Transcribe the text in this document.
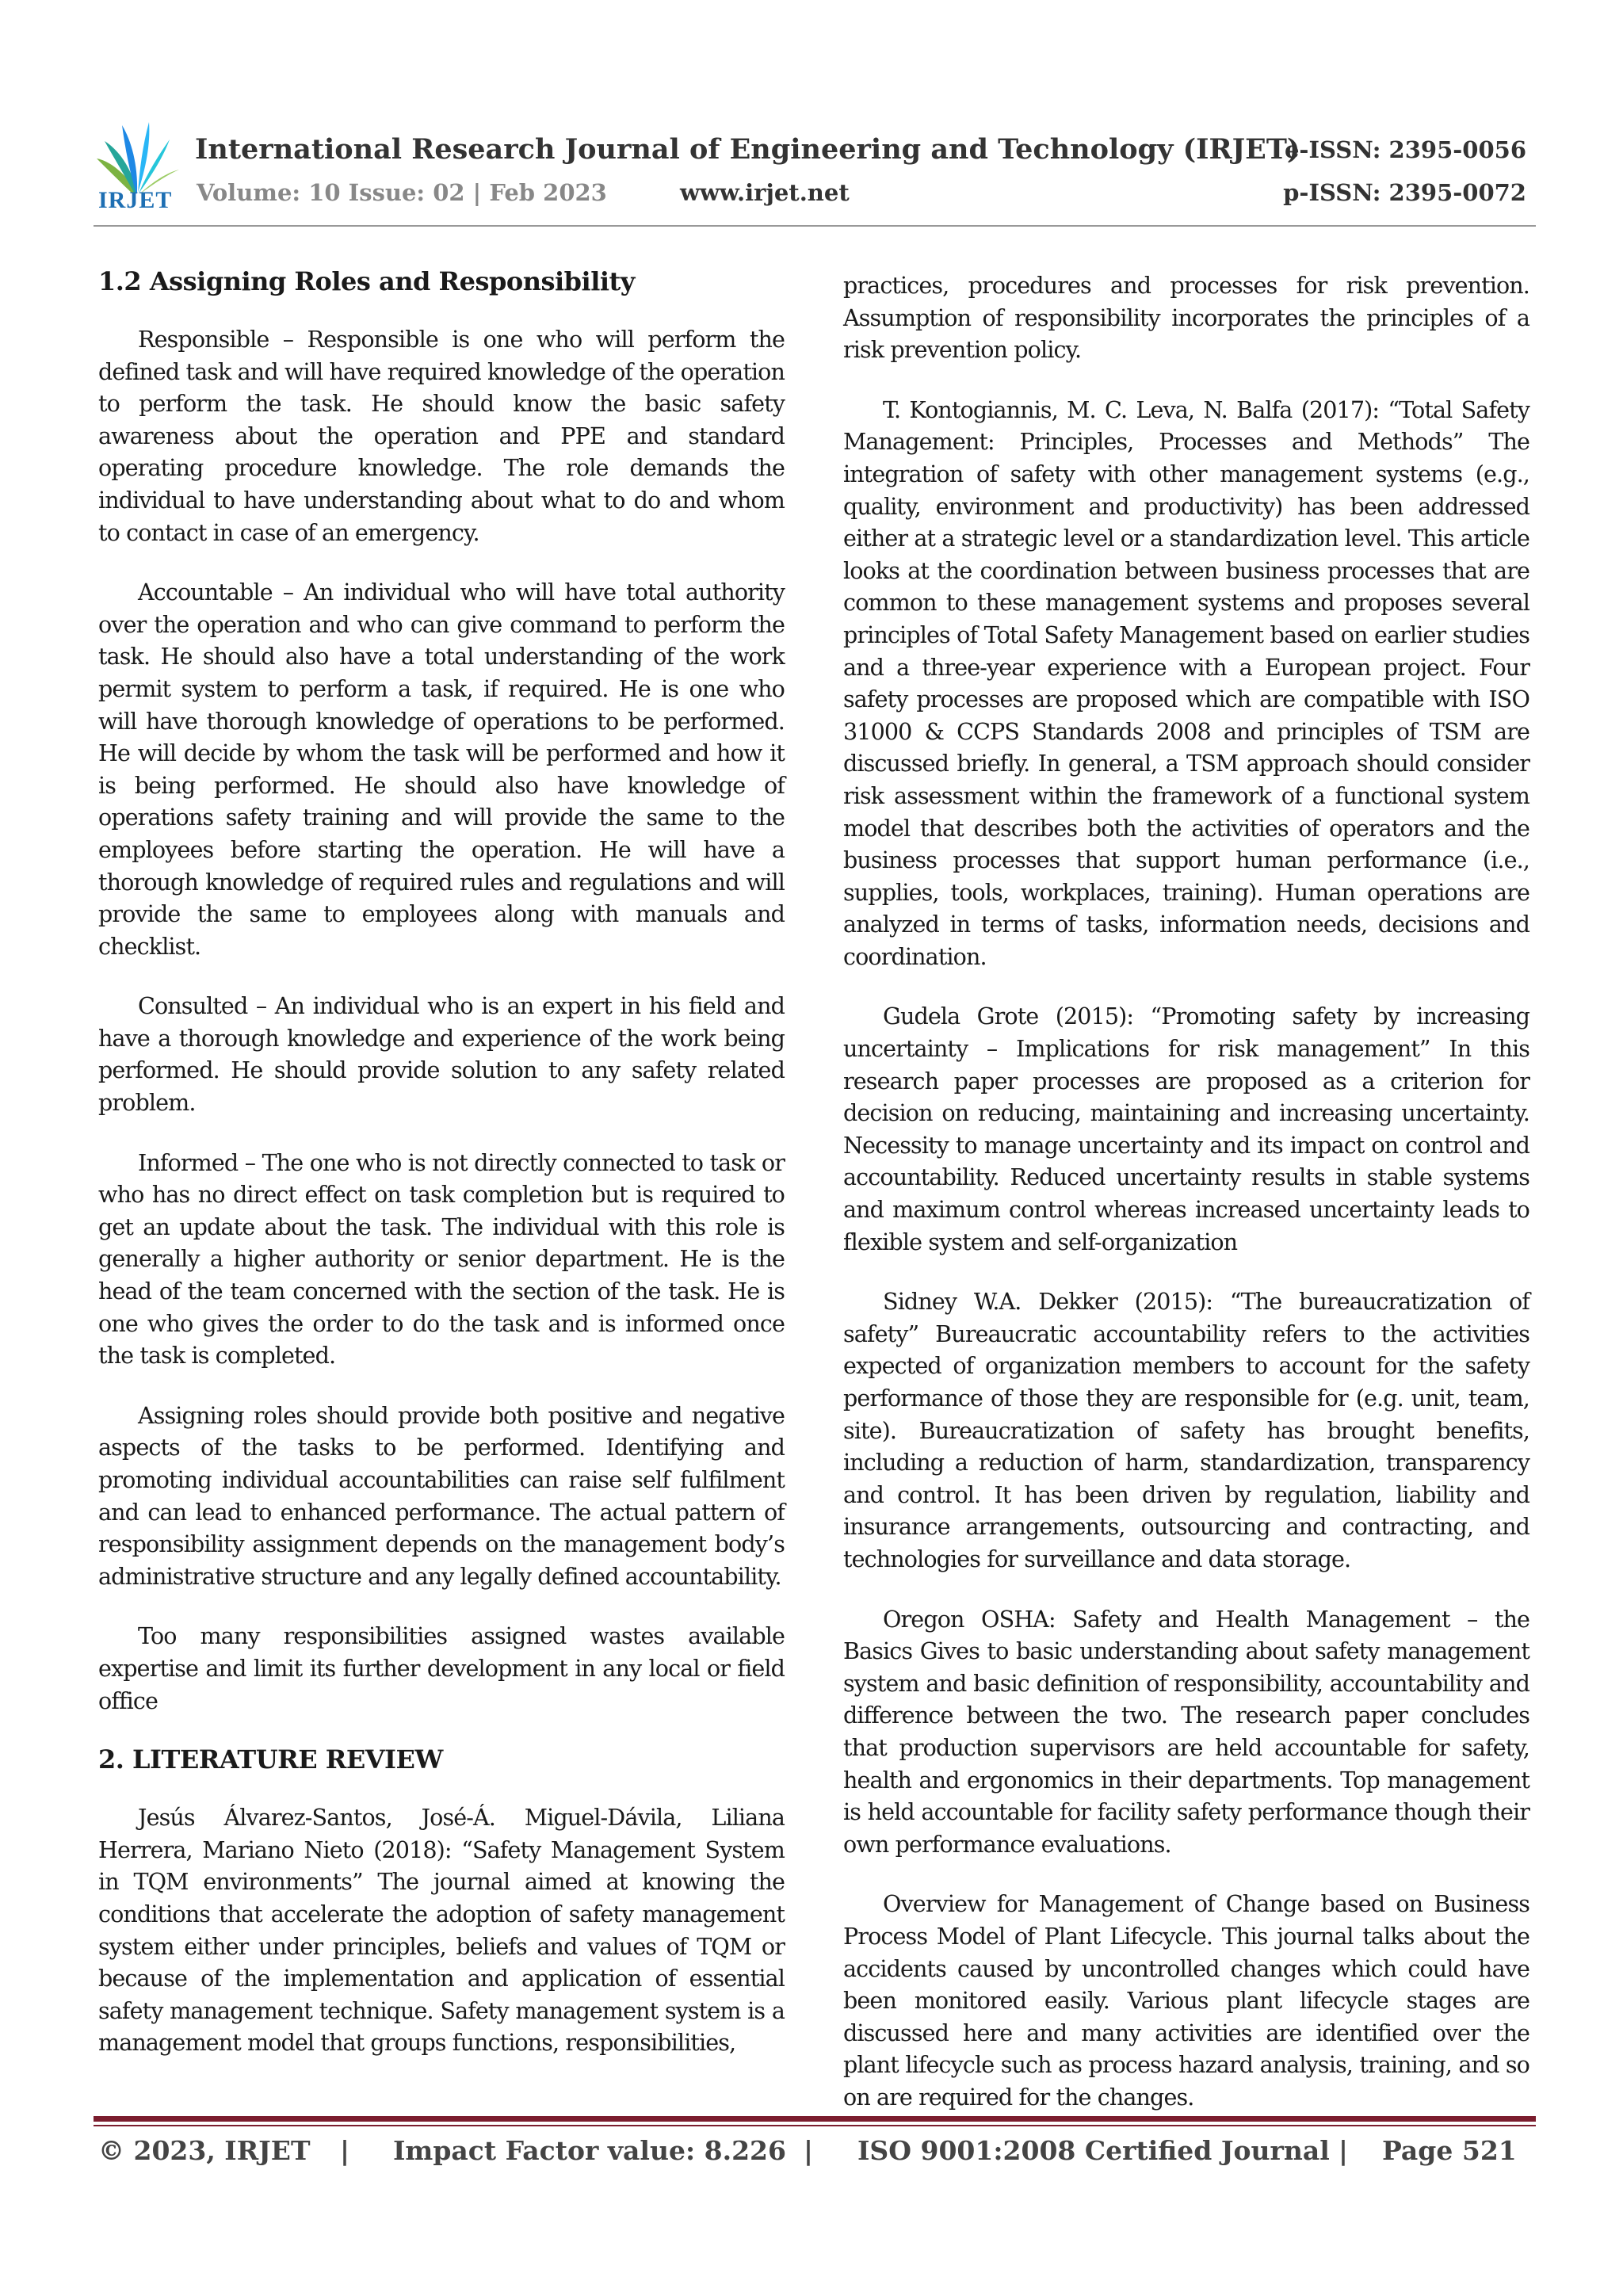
IRJET
International Research Journal of Engineering and Technology (IRJET)
Volume: 10 Issue: 02 | Feb 2023	www.irjet.net
e-ISSN: 2395-0056
p-ISSN: 2395-0072
1.2 Assigning Roles and Responsibility

Responsible – Responsible is one who will perform the defined task and will have required knowledge of the operation to perform the task. He should know the basic safety awareness about the operation and PPE and standard operating procedure knowledge. The role demands the individual to have understanding about what to do and whom to contact in case of an emergency.

Accountable – An individual who will have total authority over the operation and who can give command to perform the task. He should also have a total understanding of the work permit system to perform a task, if required. He is one who will have thorough knowledge of operations to be performed. He will decide by whom the task will be performed and how it is being performed. He should also have knowledge of operations safety training and will provide the same to the employees before starting the operation. He will have a thorough knowledge of required rules and regulations and will provide the same to employees along with manuals and checklist.

Consulted – An individual who is an expert in his field and have a thorough knowledge and experience of the work being performed. He should provide solution to any safety related problem.

Informed – The one who is not directly connected to task or who has no direct effect on task completion but is required to get an update about the task. The individual with this role is generally a higher authority or senior department. He is the head of the team concerned with the section of the task. He is one who gives the order to do the task and is informed once the task is completed.

Assigning roles should provide both positive and negative aspects of the tasks to be performed. Identifying and promoting individual accountabilities can raise self fulfilment and can lead to enhanced performance. The actual pattern of responsibility assignment depends on the management body’s administrative structure and any legally defined accountability.

Too many responsibilities assigned wastes available expertise and limit its further development in any local or field office

2. LITERATURE REVIEW

Jesús Álvarez-Santos, José-Á. Miguel-Dávila, Liliana Herrera, Mariano Nieto (2018): “Safety Management System in TQM environments” The journal aimed at knowing the conditions that accelerate the adoption of safety management system either under principles, beliefs and values of TQM or because of the implementation and application of essential safety management technique. Safety management system is a management model that groups functions, responsibilities,

practices, procedures and processes for risk prevention. Assumption of responsibility incorporates the principles of a risk prevention policy.

T. Kontogiannis, M. C. Leva, N. Balfa (2017): “Total Safety Management: Principles, Processes and Methods” The integration of safety with other management systems (e.g., quality, environment and productivity) has been addressed either at a strategic level or a standardization level. This article looks at the coordination between business processes that are common to these management systems and proposes several principles of Total Safety Management based on earlier studies and a three-year experience with a European project. Four safety processes are proposed which are compatible with ISO 31000 & CCPS Standards 2008 and principles of TSM are discussed briefly. In general, a TSM approach should consider risk assessment within the framework of a functional system model that describes both the activities of operators and the business processes that support human performance (i.e., supplies, tools, workplaces, training). Human operations are analyzed in terms of tasks, information needs, decisions and coordination.

Gudela Grote (2015): “Promoting safety by increasing uncertainty – Implications for risk management” In this research paper processes are proposed as a criterion for decision on reducing, maintaining and increasing uncertainty. Necessity to manage uncertainty and its impact on control and accountability. Reduced uncertainty results in stable systems and maximum control whereas increased uncertainty leads to flexible system and self-organization

Sidney W.A. Dekker (2015): “The bureaucratization of safety” Bureaucratic accountability refers to the activities expected of organization members to account for the safety performance of those they are responsible for (e.g. unit, team, site). Bureaucratization of safety has brought benefits, including a reduction of harm, standardization, transparency and control. It has been driven by regulation, liability and insurance arrangements, outsourcing and contracting, and technologies for surveillance and data storage.

Oregon OSHA: Safety and Health Management – the Basics Gives to basic understanding about safety management system and basic definition of responsibility, accountability and difference between the two. The research paper concludes that production supervisors are held accountable for safety, health and ergonomics in their departments. Top management is held accountable for facility safety performance though their own performance evaluations.

Overview for Management of Change based on Business Process Model of Plant Lifecycle. This journal talks about the accidents caused by uncontrolled changes which could have been monitored easily. Various plant lifecycle stages are discussed here and many activities are identified over the plant lifecycle such as process hazard analysis, training, and so on are required for the changes.

© 2023, IRJET | Impact Factor value: 8.226 | ISO 9001:2008 Certified Journal | Page 521
